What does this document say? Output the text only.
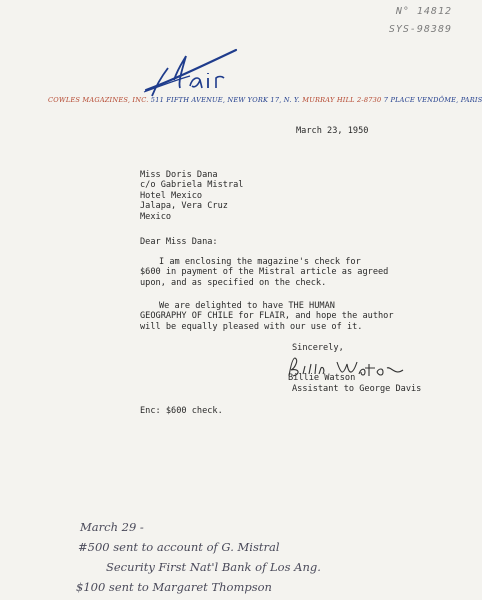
N° 14812
SYS-98389
COWLES MAGAZINES, INC. 511 FIFTH AVENUE, NEW YORK 17, N. Y. MURRAY HILL 2-8730 7 PLACE VENDÔME, PARIS
March 23, 1950
Miss Doris Dana
c/o Gabriela Mistral
Hotel Mexico
Jalapa, Vera Cruz
Mexico
Dear Miss Dana:
I am enclosing the magazine's check for
$600 in payment of the Mistral article as agreed
upon, and as specified on the check.
We are delighted to have THE HUMAN
GEOGRAPHY OF CHILE for FLAIR, and hope the author
will be equally pleased with our use of it.
Sincerely,
Billie Watson
Assistant to George Davis
Enc: $600 check.
March 29 -
#500 sent to account of G. Mistral
Security First Nat'l Bank of Los Ang.
$100 sent to Margaret Thompson
